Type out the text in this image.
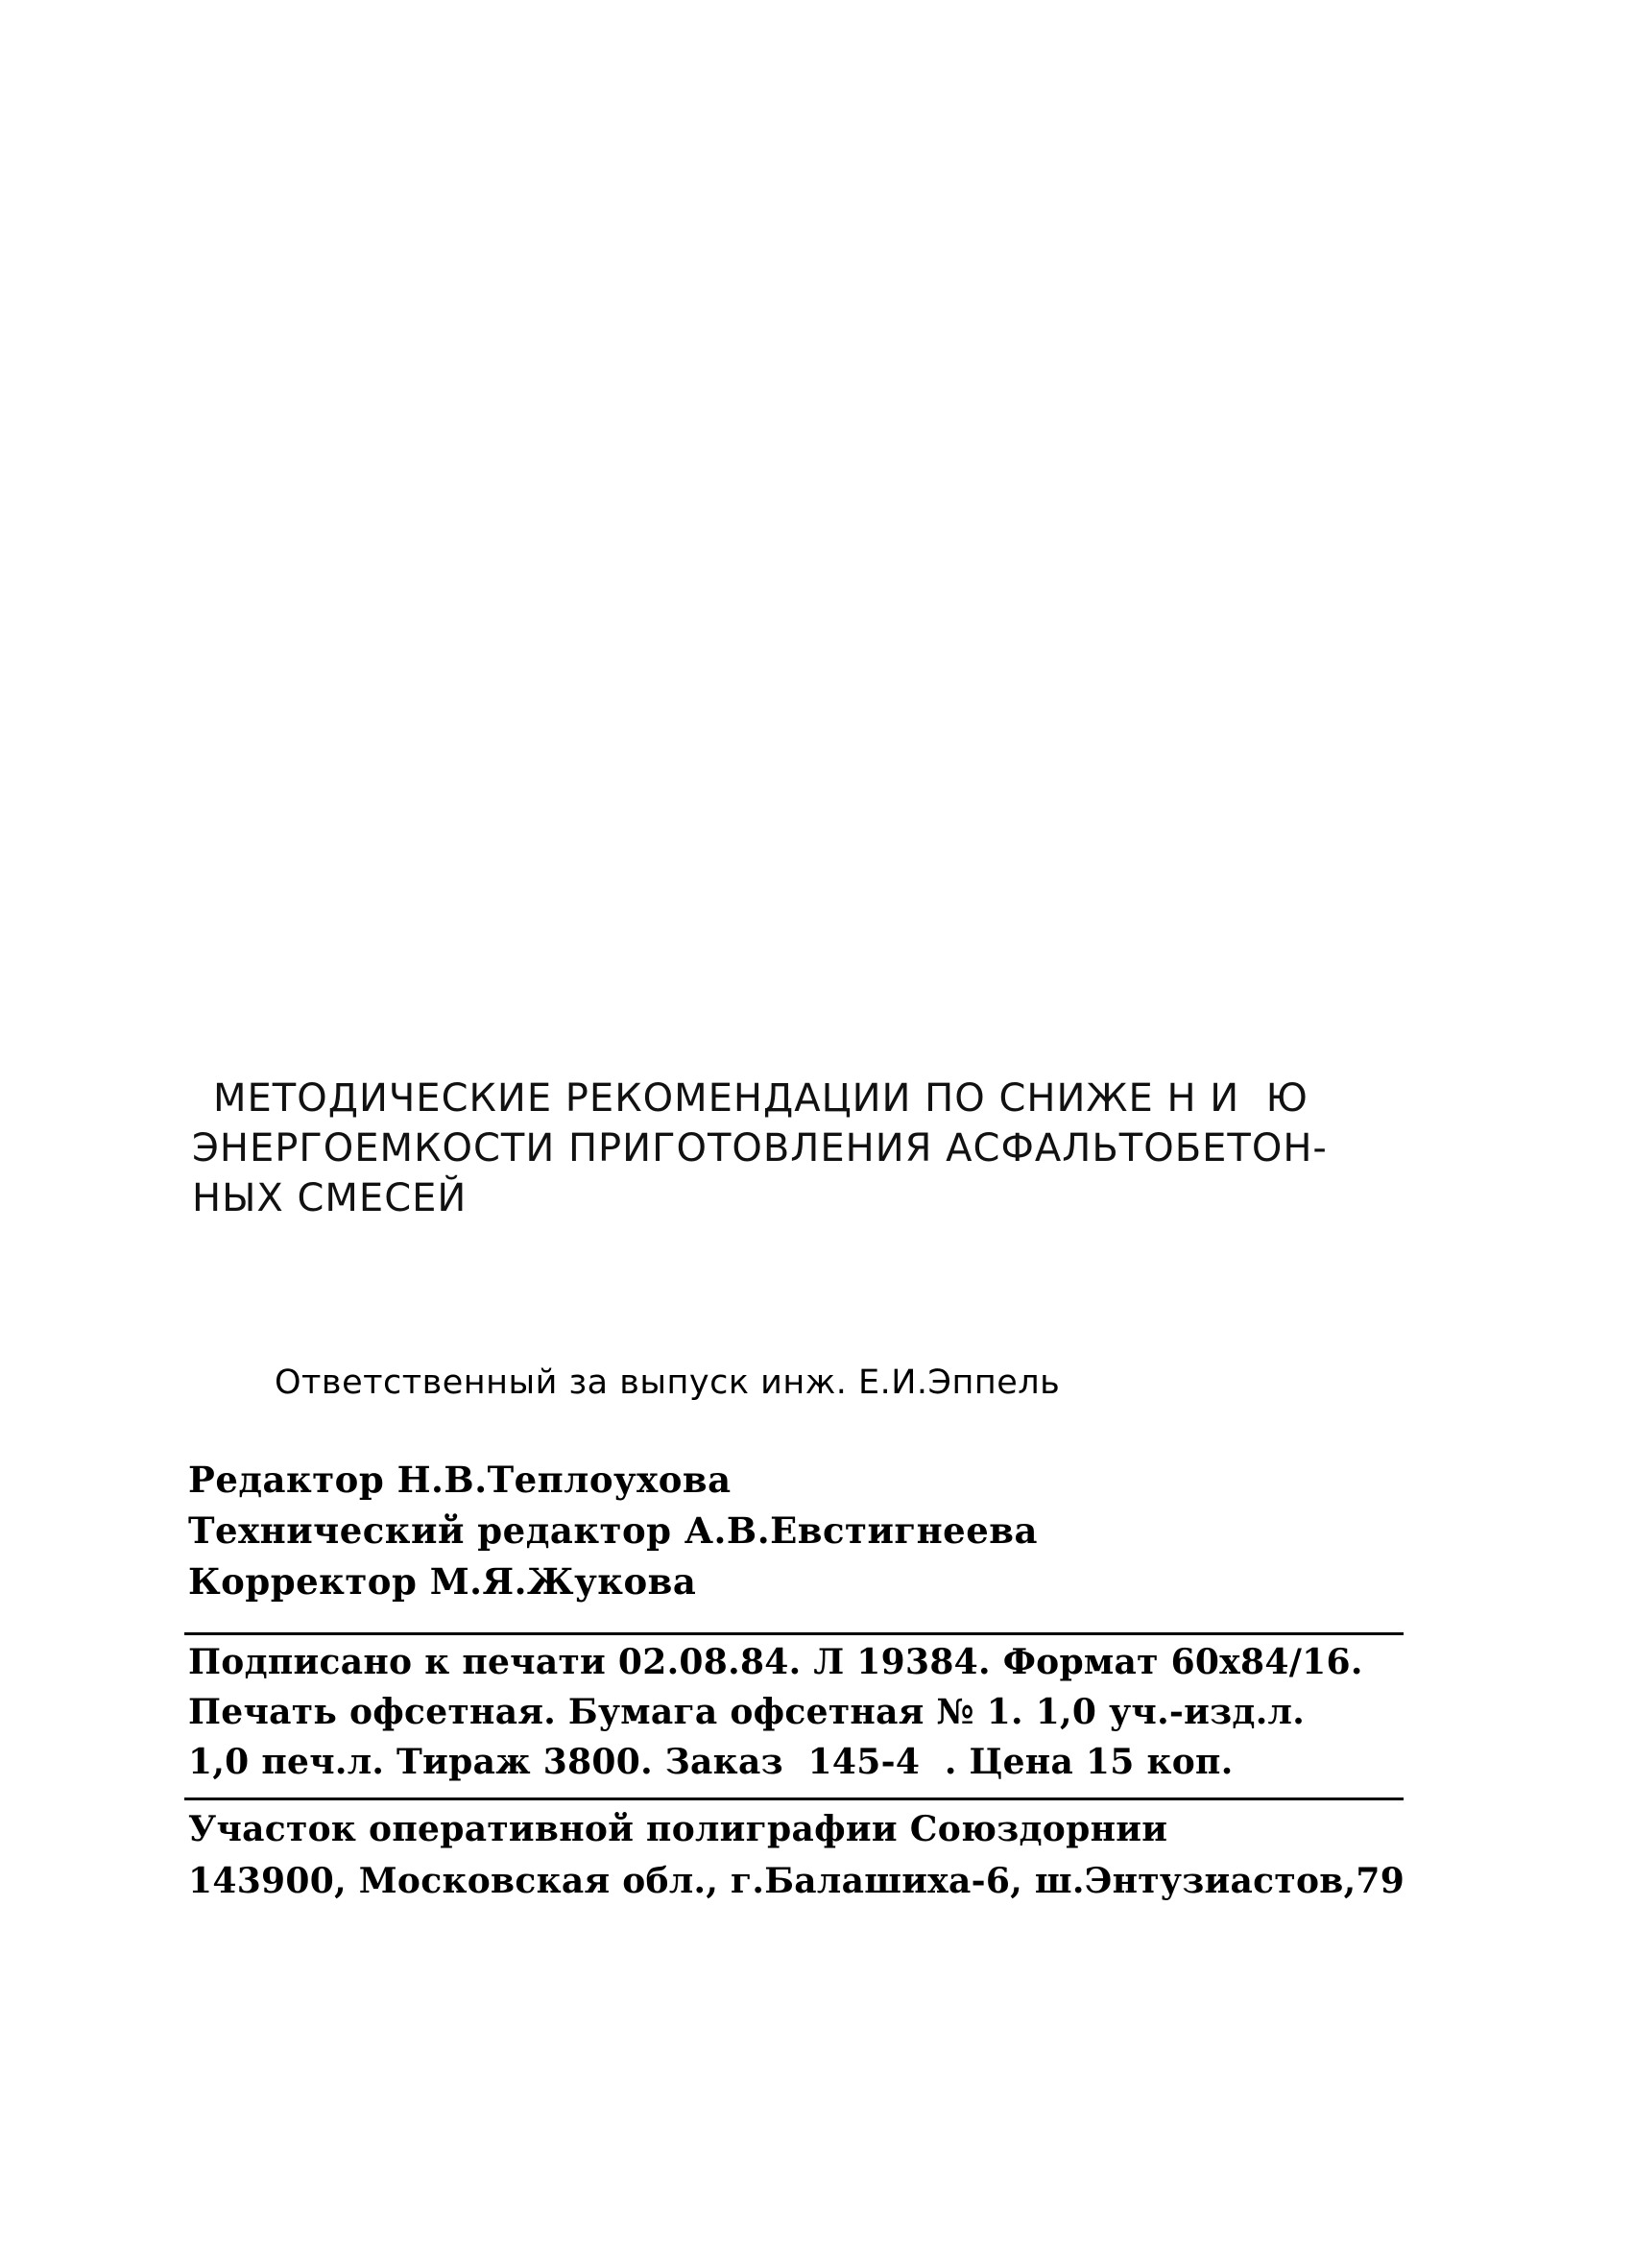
МЕТОДИЧЕСКИЕ РЕКОМЕНДАЦИИ ПО СНИЖЕ Н И  Ю
ЭНЕРГОЕМКОСТИ ПРИГОТОВЛЕНИЯ АСФАЛЬТОБЕТОН-
НЫХ СМЕСЕЙ
Ответственный за выпуск инж. Е.И.Эппель
Редактор Н.В.Теплоухова
Технический редактор А.В.Евстигнеева
Корректор М.Я.Жукова
Подписано к печати 02.08.84. Л 19384. Формат 60х84/16.
Печать офсетная. Бумага офсетная № 1. 1,0 уч.-изд.л.
1,0 печ.л. Тираж 3800. Заказ  145-4  . Цена 15 коп.
Участок оперативной полиграфии Союздорнии
143900, Московская обл., г.Балашиха-6, ш.Энтузиастов,79
